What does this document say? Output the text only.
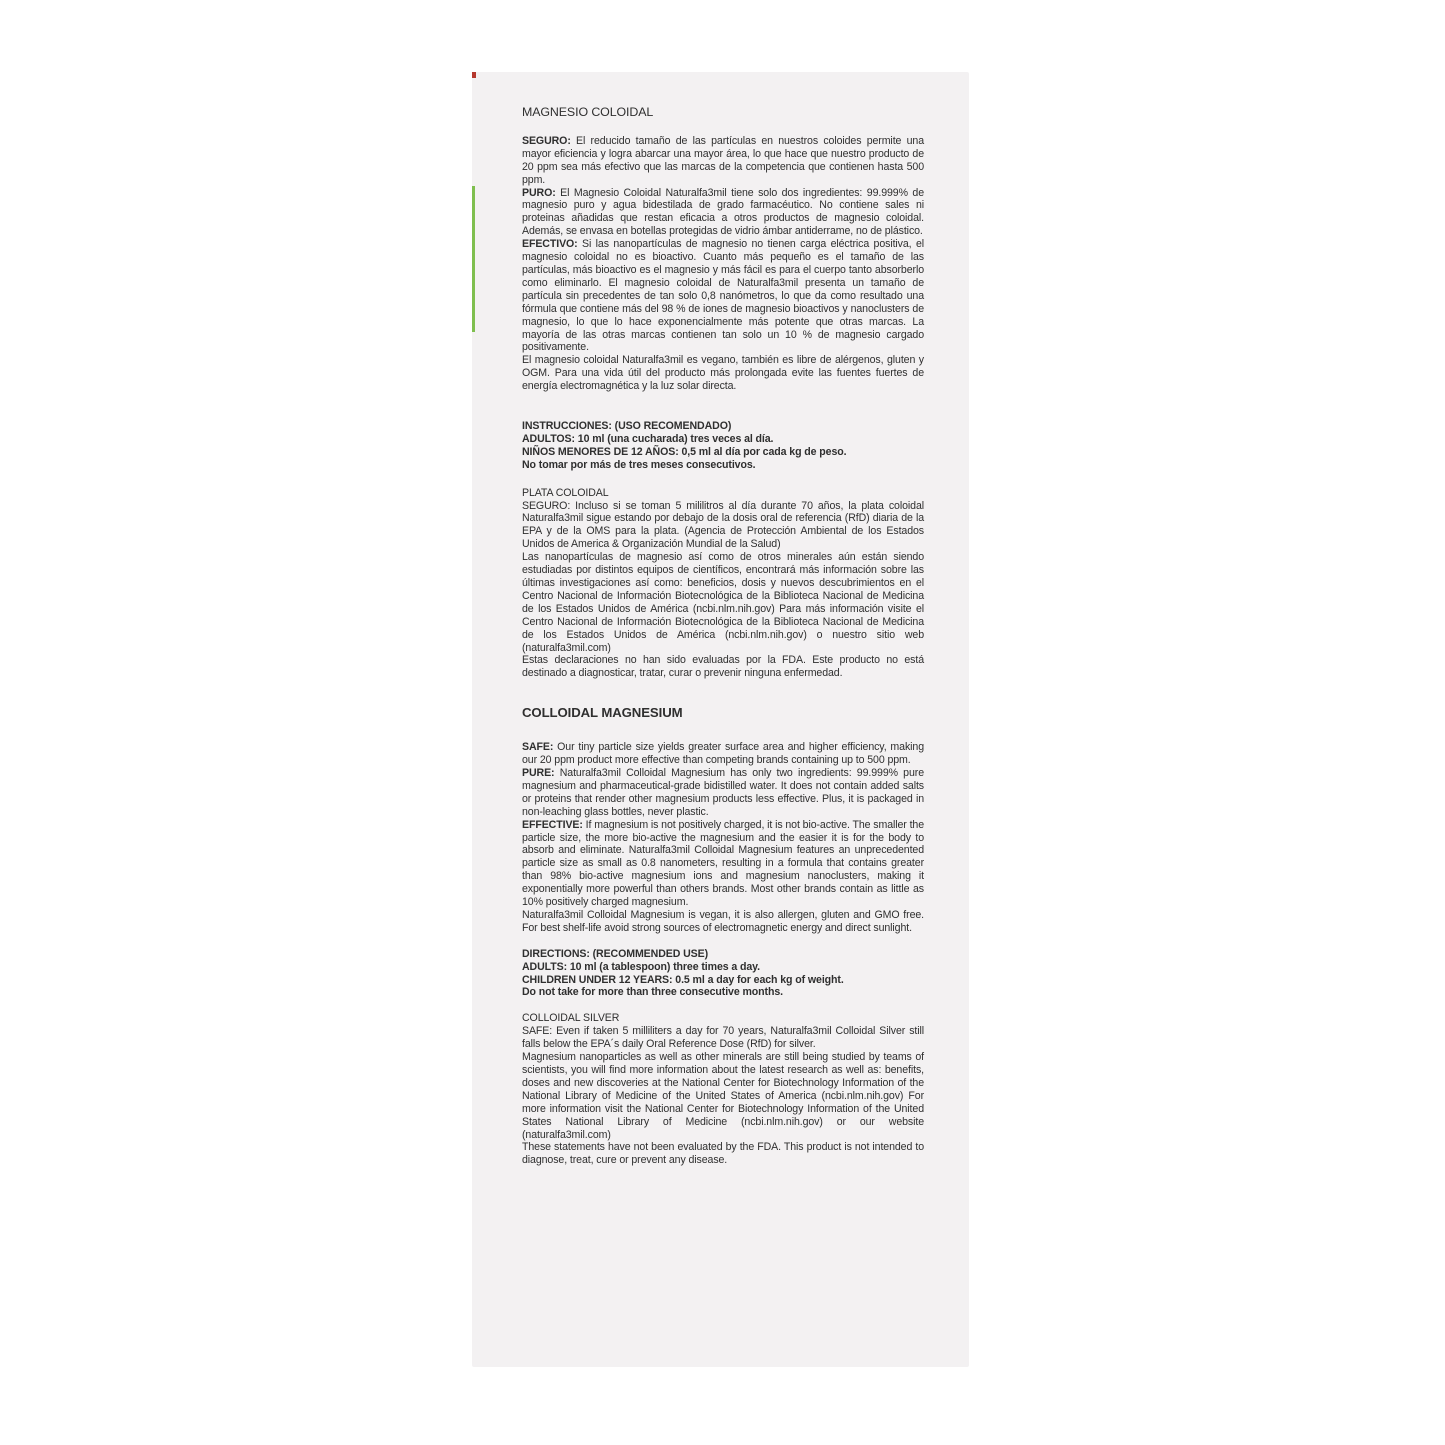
MAGNESIO COLOIDAL

SEGURO: El reducido tamaño de las partículas en nuestros coloides permite una mayor eficiencia y logra abarcar una mayor área, lo que hace que nuestro producto de 20 ppm sea más efectivo que las marcas de la competencia que contienen hasta 500 ppm.

PURO: El Magnesio Coloidal Naturalfa3mil tiene solo dos ingredientes: 99.999% de magnesio puro y agua bidestilada de grado farmacéutico. No contiene sales ni proteinas añadidas que restan eficacia a otros productos de magnesio coloidal. Además, se envasa en botellas protegidas de vidrio ámbar antiderrame, no de plástico.

EFECTIVO: Si las nanopartículas de magnesio no tienen carga eléctrica positiva, el magnesio coloidal no es bioactivo. Cuanto más pequeño es el tamaño de las partículas, más bioactivo es el magnesio y más fácil es para el cuerpo tanto absorberlo como eliminarlo. El magnesio coloidal de Naturalfa3mil presenta un tamaño de partícula sin precedentes de tan solo 0,8 nanómetros, lo que da como resultado una fórmula que contiene más del 98 % de iones de magnesio bioactivos y nanoclusters de magnesio, lo que lo hace exponencialmente más potente que otras marcas. La mayoría de las otras marcas contienen tan solo un 10 % de magnesio cargado positivamente.

El magnesio coloidal Naturalfa3mil es vegano, también es libre de alérgenos, gluten y OGM. Para una vida útil del producto más prolongada evite las fuentes fuertes de energía electromagnética y la luz solar directa.

INSTRUCCIONES: (USO RECOMENDADO)

ADULTOS: 10 ml (una cucharada) tres veces al día.

NIÑOS MENORES DE 12 AÑOS: 0,5 ml al día por cada kg de peso.

No tomar por más de tres meses consecutivos.

PLATA COLOIDAL

SEGURO: Incluso si se toman 5 mililitros al día durante 70 años, la plata coloidal Naturalfa3mil sigue estando por debajo de la dosis oral de referencia (RfD) diaria de la EPA y de la OMS para la plata. (Agencia de Protección Ambiental de los Estados Unidos de America & Organización Mundial de la Salud)

Las nanopartículas de magnesio así como de otros minerales aún están siendo estudiadas por distintos equipos de científicos, encontrará más información sobre las últimas investigaciones así como: beneficios, dosis y nuevos descubrimientos en el Centro Nacional de Información Biotecnológica de la Biblioteca Nacional de Medicina de los Estados Unidos de América (ncbi.nlm.nih.gov) Para más información visite el Centro Nacional de Información Biotecnológica de la Biblioteca Nacional de Medicina de los Estados Unidos de América (ncbi.nlm.nih.gov) o nuestro sitio web (naturalfa3mil.com)

Estas declaraciones no han sido evaluadas por la FDA. Este producto no está destinado a diagnosticar, tratar, curar o prevenir ninguna enfermedad.

COLLOIDAL MAGNESIUM

SAFE: Our tiny particle size yields greater surface area and higher efficiency, making our 20 ppm product more effective than competing brands containing up to 500 ppm.

PURE: Naturalfa3mil Colloidal Magnesium has only two ingredients: 99.999% pure magnesium and pharmaceutical-grade bidistilled water. It does not contain added salts or proteins that render other magnesium products less effective. Plus, it is packaged in non-leaching glass bottles, never plastic.

EFFECTIVE: If magnesium is not positively charged, it is not bio-active. The smaller the particle size, the more bio-active the magnesium and the easier it is for the body to absorb and eliminate. Naturalfa3mil Colloidal Magnesium features an unprecedented particle size as small as 0.8 nanometers, resulting in a formula that contains greater than 98% bio-active magnesium ions and magnesium nanoclusters, making it exponentially more powerful than others brands. Most other brands contain as little as 10% positively charged magnesium.

Naturalfa3mil Colloidal Magnesium is vegan, it is also allergen, gluten and GMO free. For best shelf-life avoid strong sources of electromagnetic energy and direct sunlight.

DIRECTIONS: (RECOMMENDED USE)

ADULTS: 10 ml (a tablespoon) three times a day.

CHILDREN UNDER 12 YEARS: 0.5 ml a day for each kg of weight.

Do not take for more than three consecutive months.

COLLOIDAL SILVER

SAFE: Even if taken 5 milliliters a day for 70 years, Naturalfa3mil Colloidal Silver still falls below the EPA´s daily Oral Reference Dose (RfD) for silver.

Magnesium nanoparticles as well as other minerals are still being studied by teams of scientists, you will find more information about the latest research as well as: benefits, doses and new discoveries at the National Center for Biotechnology Information of the National Library of Medicine of the United States of America (ncbi.nlm.nih.gov) For more information visit the National Center for Biotechnology Information of the United States National Library of Medicine (ncbi.nlm.nih.gov) or our website (naturalfa3mil.com)

These statements have not been evaluated by the FDA. This product is not intended to diagnose, treat, cure or prevent any disease.
